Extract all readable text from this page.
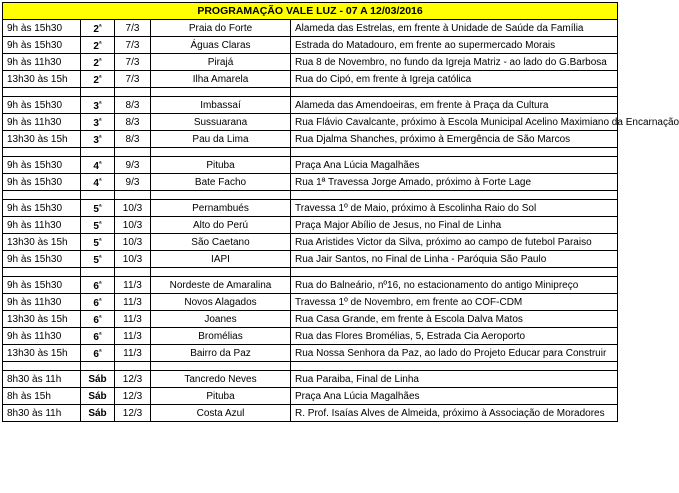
PROGRAMAÇÃO VALE LUZ - 07 A 12/03/2016				
9h às 15h30	$2^ª$	7/3	Praia do Forte	Alameda das Estrelas, em frente à Unidade de Saúde da Família
9h às 15h30	$2^ª$	7/3	Águas Claras	Estrada do Matadouro, em frente ao supermercado Morais
9h às 11h30	$2^ª$	7/3	Pirajá	Rua 8 de Novembro, no fundo da Igreja Matriz - ao lado do G.Barbosa
13h30 às 15h	$2^ª$	7/3	Ilha Amarela	Rua do Cipó, em frente à Igreja católica

9h às 15h30	$3^ª$	8/3	Imbassaí	Alameda das Amendoeiras, em frente à Praça da Cultura
9h às 11h30	$3^ª$	8/3	Sussuarana	Rua Flávio Cavalcante, próximo à Escola Municipal Acelino Maximiano da Encarnação
13h30 às 15h	$3^ª$	8/3	Pau da Lima	Rua Djalma Shanches, próximo à Emergência de São Marcos

9h às 15h30	$4^ª$	9/3	Pituba	Praça Ana Lúcia Magalhães
9h às 15h30	$4^ª$	9/3	Bate Facho	Rua 1ª Travessa Jorge Amado, próximo à Forte Lage

9h às 15h30	$5^ª$	10/3	Pernambués	Travessa 1º de Maio, próximo à Escolinha Raio do Sol
9h às 11h30	$5^ª$	10/3	Alto do Perú	Praça Major Abílio de Jesus, no Final de Linha
13h30 às 15h	$5^ª$	10/3	São Caetano	Rua Aristides Victor da Silva, próximo ao campo de futebol Paraiso
9h às 15h30	$5^ª$	10/3	IAPI	Rua Jair Santos, no Final de Linha - Paróquia São Paulo

9h às 15h30	$6^ª$	11/3	Nordeste de Amaralina	Rua do Balneário, nº16, no estacionamento do antigo Minipreço
9h às 11h30	$6^ª$	11/3	Novos Alagados	Travessa 1º de Novembro, em frente ao COF-CDM
13h30 às 15h	$6^ª$	11/3	Joanes	Rua Casa Grande, em frente à Escola Dalva Matos
9h às 11h30	$6^ª$	11/3	Bromélias	Rua das Flores Bromélias, 5, Estrada Cia Aeroporto
13h30 às 15h	$6^ª$	11/3	Bairro da Paz	Rua Nossa Senhora da Paz, ao lado do Projeto Educar para Construir

8h30 às 11h	Sáb	12/3	Tancredo Neves	Rua Paraiba, Final de Linha
8h às 15h	Sáb	12/3	Pituba	Praça Ana Lúcia Magalhães
8h30 às 11h	Sáb	12/3	Costa Azul	R. Prof. Isaías Alves de Almeida, próximo à Associação de Moradores
